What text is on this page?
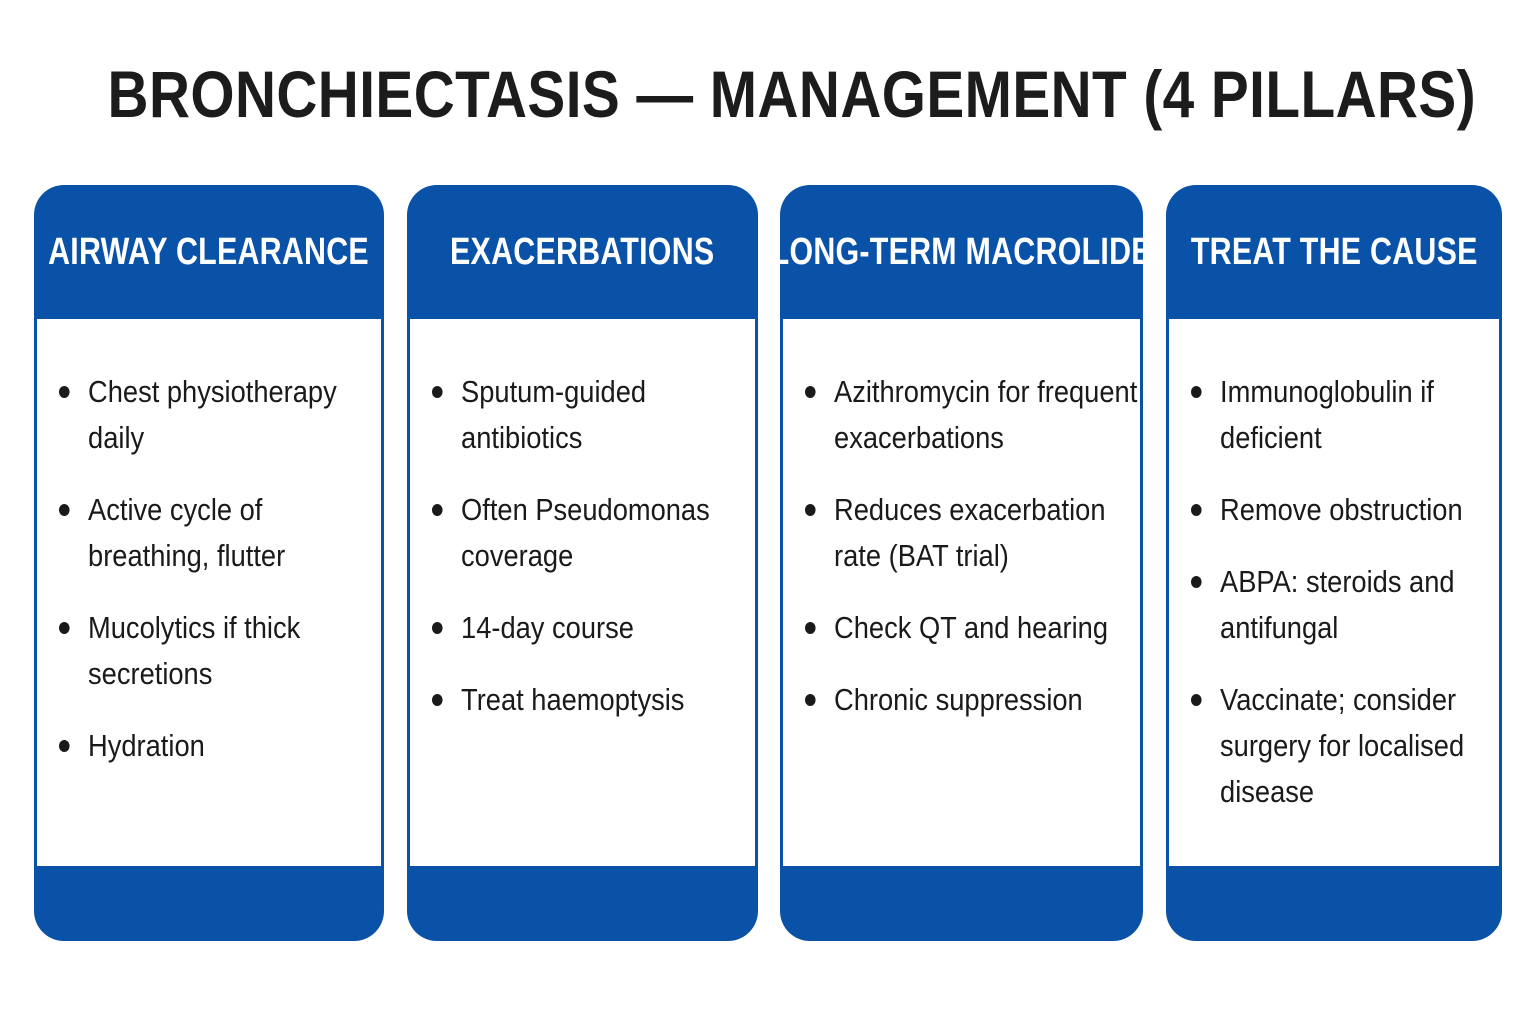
BRONCHIECTASIS — MANAGEMENT (4 PILLARS)
AIRWAY CLEARANCE
Chest physiotherapy daily
Active cycle of breathing, flutter
Mucolytics if thick secretions
Hydration
EXACERBATIONS
Sputum-guided antibiotics
Often Pseudomonas coverage
14-day course
Treat haemoptysis
LONG-TERM MACROLIDE
Azithromycin for frequent exacerbations
Reduces exacerbation rate (BAT trial)
Check QT and hearing
Chronic suppression
TREAT THE CAUSE
Immunoglobulin if deficient
Remove obstruction
ABPA: steroids and antifungal
Vaccinate; consider surgery for localised disease
